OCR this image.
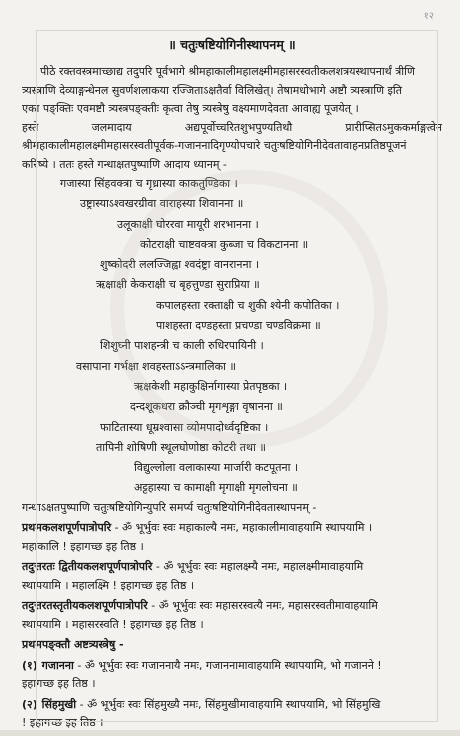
१२
॥ चतुःषष्टियोगिनीस्थापनम् ॥

पीठे रक्तवस्त्रमाच्छाद्य तदुपरि पूर्वभागे श्रीमहाकालीमहालक्ष्मीमहासरस्वतीकलशत्रयस्थापनार्थं त्रीणि

त्र्यस्त्राणि देव्याङ्गन्धेनल सुवर्णशलाकया रज्जिताऽक्षतैर्वा विलिखेत्। तेषामधोभागे अष्टौ त्र्यस्त्राणि इति

एका पङ्क्तिः एवमष्टौ त्र्यस्त्रपङ्क्तीः कृत्वा तेषु त्र्यस्त्रेषु वक्ष्यमाणदेवता आवाह्य पूजयेत् ।

हस्ते	जलमादाय	अद्यपूर्वोच्चरितशुभपुण्यतिथौ	प्रारीप्सितऽमुककर्माङ्गत्वेन

श्रीमहाकालीमहालक्ष्मीमहासरस्वतीपूर्वक-गजाननादिगृण्योपचारे चतुःषष्टियोगिनीदेवतावाहनप्रतिष्ठपूजनं

करिष्ये । ततः हस्ते गन्धाक्षतपुष्पाणि आदाय ध्यानम् -

गजास्या सिंहवक्त्रा च गृध्रास्या काकतुण्डिका ।
उष्ट्रास्याऽश्वखरग्रीवा वाराहस्या शिवानना ॥
उलूकाक्षी घोररवा मायूरी शरभानना ।
कोटराक्षी चाष्टवक्त्रा कुब्जा च विकटानना ॥
शुष्कोदरी ललज्जिह्वा श्वदंष्ट्रा वानरानना ।
ऋक्षाक्षी केकराक्षी च बृहत्तुण्डा सुराप्रिया ॥
कपालहस्ता रक्ताक्षी च शुकी श्येनी कपोतिका ।
पाशहस्ता दण्डहस्ता प्रचण्डा चण्डविक्रमा ॥
शिशुघ्नी पाशहन्त्री च काली रुधिरपायिनी ।
वसापाना गर्भक्षा शवहस्ताऽऽन्त्रमालिका ॥
ऋक्षकेशी महाकुक्षिर्नागास्या प्रेतपृष्ठका ।
दन्दशूकधरा क्रौञ्ची मृगशृङ्गा वृषानना ॥
फाटितास्या धूम्रश्वासा व्योमपादोर्ध्वदृष्टिका ।
तापिनी शोषिणी स्थूलघोणोष्ठा कोटरी तथा ॥
विद्युल्लोला वलाकास्या मार्जारी कटपूतना ।
अट्टहास्या च कामाक्षी मृगाक्षी मृगलोचना ॥

गन्धाऽक्षतपुष्पाणि चतुःषष्टियोगिन्युपरि समर्प्य चतुःषष्टियोगिनीदेवतास्थापनम् -

प्रथमकलशपूर्णपात्रोपरि - ॐ भूर्भुवः स्वः महाकाल्यै नमः, महाकालीमावाहयामि स्थापयामि ।

महाकालि ! इहागच्छ इह तिष्ठ ।

तदुत्तरतः द्वितीयकलशपूर्णपात्रोपरि - ॐ भूर्भुवः स्वः महालक्ष्म्यै नमः, महालक्ष्मीमावाहयामि

स्थापयामि । महालक्ष्मि ! इहागच्छ इह तिष्ठ ।

तदुत्तरतस्तृतीयकलशपूर्णपात्रोपरि - ॐ भूर्भुवः स्वः महासरस्वत्यै नमः, महासरस्वतीमावाहयामि

स्थापयामि । महासरस्वति ! इहागच्छ इह तिष्ठ ।

प्रथमपङ्क्तौ अष्टत्र्यस्त्रेषु -

(१) गजानना - ॐ भूर्भुवः स्वः गजाननायै नमः, गजाननामावाहयामि स्थापयामि, भो गजानने !

इहागच्छ इह तिष्ठ ।

(२) सिंहमुखी - ॐ भूर्भुवः स्वः सिंहमुख्यै नमः, सिंहमुखीमावाहयामि स्थापयामि, भो सिंहमुखि

! इहागच्छ इह तिष्ठ ।
